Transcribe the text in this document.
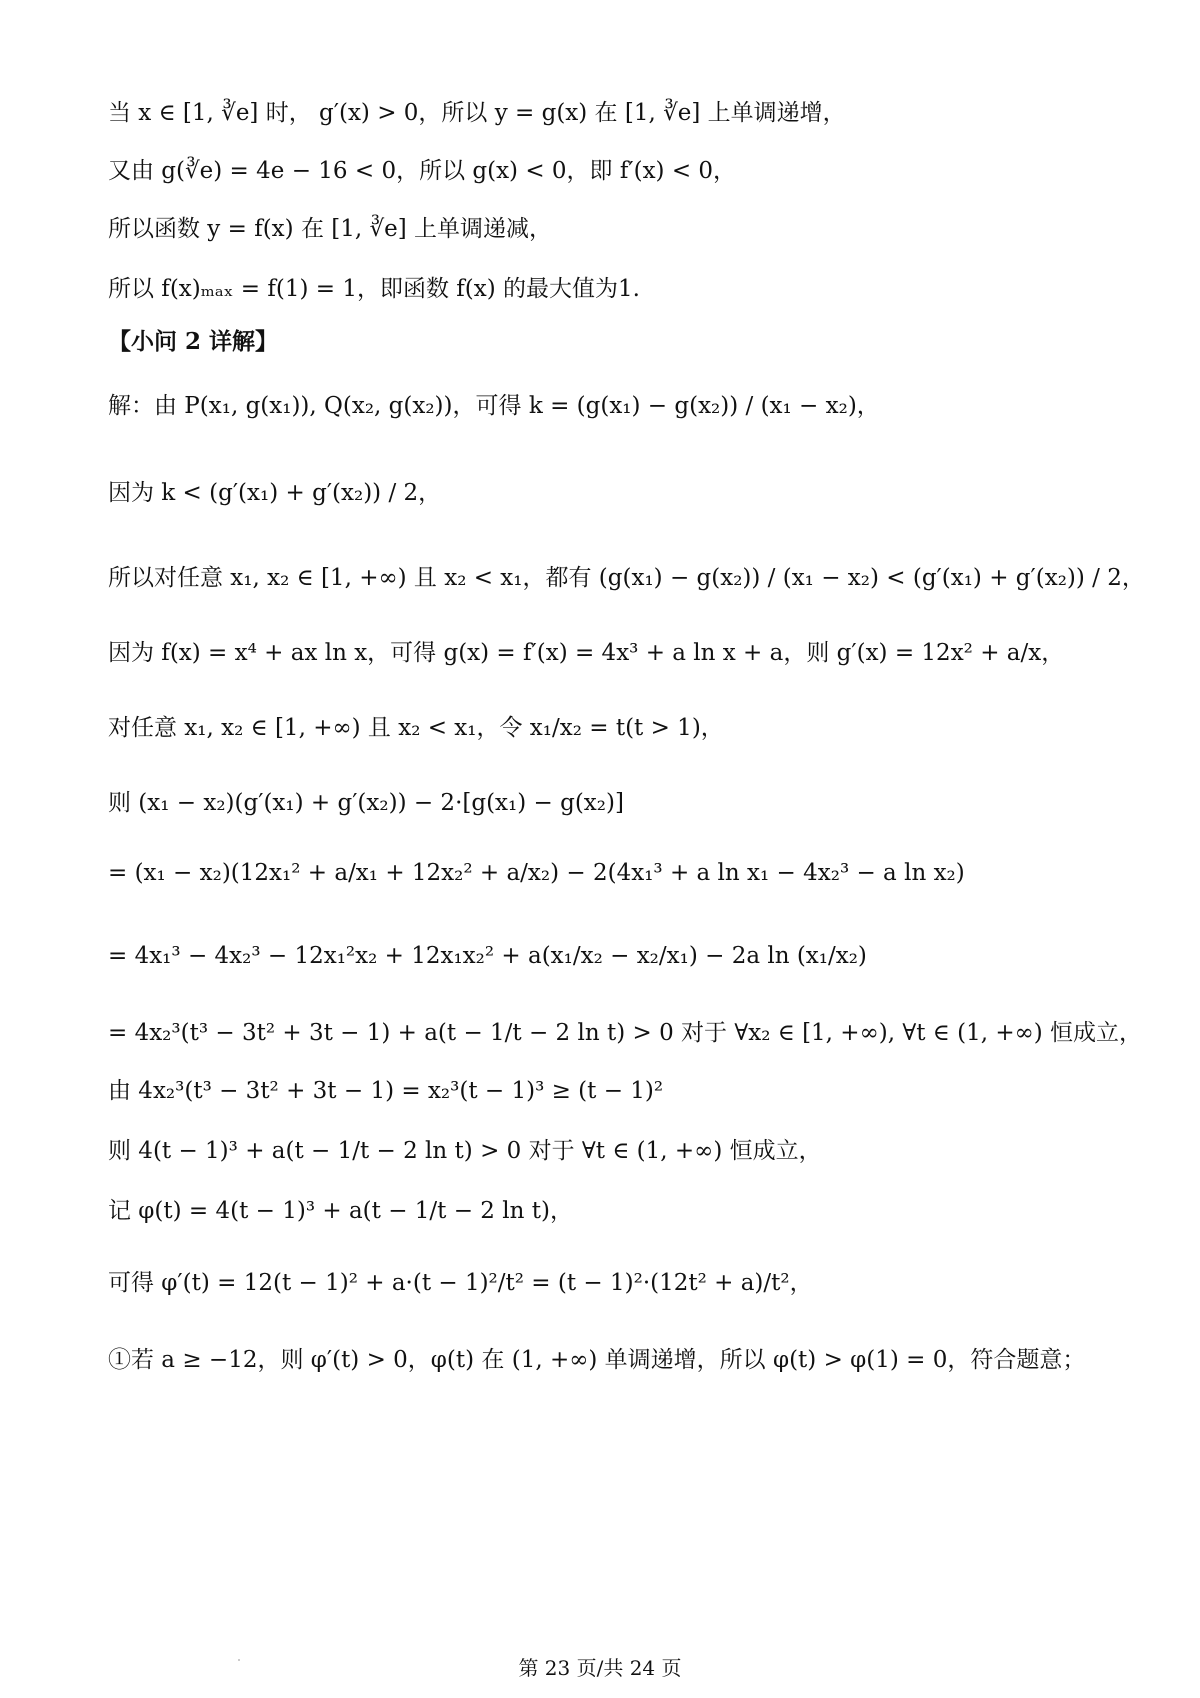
当 x ∈ [1, ∛e] 时， g′(x) > 0，所以 y = g(x) 在 [1, ∛e] 上单调递增，
又由 g(∛e) = 4e − 16 < 0，所以 g(x) < 0，即 f′(x) < 0，
所以函数 y = f(x) 在 [1, ∛e] 上单调递减，
所以 f(x)ₘₐₓ = f(1) = 1，即函数 f(x) 的最大值为1.
【小问 2 详解】
解：由 P(x₁, g(x₁)), Q(x₂, g(x₂))，可得 k = (g(x₁) − g(x₂)) / (x₁ − x₂)，
因为 k < (g′(x₁) + g′(x₂)) / 2，
所以对任意 x₁, x₂ ∈ [1, +∞) 且 x₂ < x₁，都有 (g(x₁) − g(x₂)) / (x₁ − x₂) < (g′(x₁) + g′(x₂)) / 2，
因为 f(x) = x⁴ + ax ln x，可得 g(x) = f′(x) = 4x³ + a ln x + a，则 g′(x) = 12x² + a/x，
对任意 x₁, x₂ ∈ [1, +∞) 且 x₂ < x₁，令 x₁/x₂ = t(t > 1)，
则 (x₁ − x₂)(g′(x₁) + g′(x₂)) − 2·[g(x₁) − g(x₂)]
= (x₁ − x₂)(12x₁² + a/x₁ + 12x₂² + a/x₂) − 2(4x₁³ + a ln x₁ − 4x₂³ − a ln x₂)
= 4x₁³ − 4x₂³ − 12x₁²x₂ + 12x₁x₂² + a(x₁/x₂ − x₂/x₁) − 2a ln (x₁/x₂)
= 4x₂³(t³ − 3t² + 3t − 1) + a(t − 1/t − 2 ln t) > 0 对于 ∀x₂ ∈ [1, +∞), ∀t ∈ (1, +∞) 恒成立，
由 4x₂³(t³ − 3t² + 3t − 1) = x₂³(t − 1)³ ≥ (t − 1)²
则 4(t − 1)³ + a(t − 1/t − 2 ln t) > 0 对于 ∀t ∈ (1, +∞) 恒成立，
记 φ(t) = 4(t − 1)³ + a(t − 1/t − 2 ln t)，
可得 φ′(t) = 12(t − 1)² + a·(t − 1)²/t² = (t − 1)²·(12t² + a)/t²，
①若 a ≥ −12，则 φ′(t) > 0，φ(t) 在 (1, +∞) 单调递增，所以 φ(t) > φ(1) = 0，符合题意；
第 23 页/共 24 页
